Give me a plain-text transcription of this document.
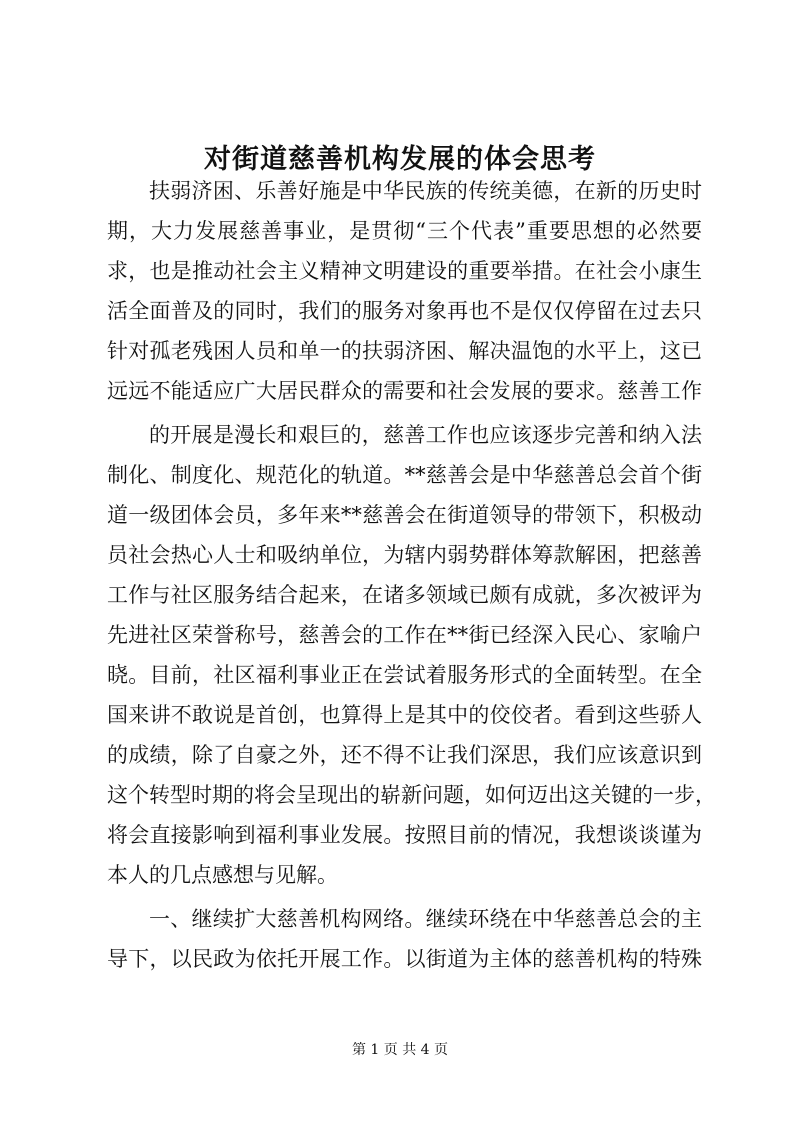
对街道慈善机构发展的体会思考
扶弱济困、乐善好施是中华民族的传统美德，在新的历史时
期，大力发展慈善事业，是贯彻“三个代表”重要思想的必然要
求，也是推动社会主义精神文明建设的重要举措。在社会小康生
活全面普及的同时，我们的服务对象再也不是仅仅停留在过去只
针对孤老残困人员和单一的扶弱济困、解决温饱的水平上，这已
远远不能适应广大居民群众的需要和社会发展的要求。慈善工作
的开展是漫长和艰巨的，慈善工作也应该逐步完善和纳入法
制化、制度化、规范化的轨道。**慈善会是中华慈善总会首个街
道一级团体会员，多年来**慈善会在街道领导的带领下，积极动
员社会热心人士和吸纳单位，为辖内弱势群体筹款解困，把慈善
工作与社区服务结合起来，在诸多领域已颇有成就，多次被评为
先进社区荣誉称号，慈善会的工作在**街已经深入民心、家喻户
晓。目前，社区福利事业正在尝试着服务形式的全面转型。在全
国来讲不敢说是首创，也算得上是其中的佼佼者。看到这些骄人
的成绩，除了自豪之外，还不得不让我们深思，我们应该意识到
这个转型时期的将会呈现出的崭新问题，如何迈出这关键的一步，
将会直接影响到福利事业发展。按照目前的情况，我想谈谈谨为
本人的几点感想与见解。
一、继续扩大慈善机构网络。继续环绕在中华慈善总会的主
导下，以民政为依托开展工作。以街道为主体的慈善机构的特殊
第 1 页 共 4 页
